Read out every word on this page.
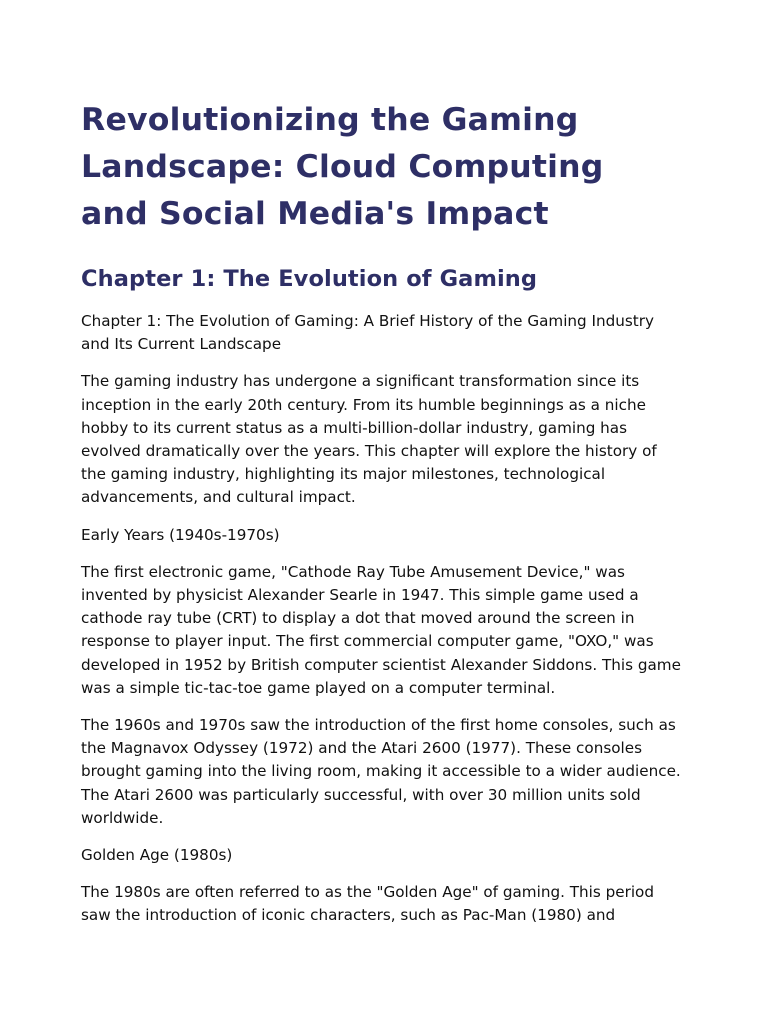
Revolutionizing the Gaming Landscape: Cloud Computing and Social Media's Impact
Chapter 1: The Evolution of Gaming

Chapter 1: The Evolution of Gaming: A Brief History of the Gaming Industry and Its Current Landscape

The gaming industry has undergone a significant transformation since its inception in the early 20th century. From its humble beginnings as a niche hobby to its current status as a multi-billion-dollar industry, gaming has evolved dramatically over the years. This chapter will explore the history of the gaming industry, highlighting its major milestones, technological advancements, and cultural impact.

Early Years (1940s-1970s)

The first electronic game, "Cathode Ray Tube Amusement Device," was invented by physicist Alexander Searle in 1947. This simple game used a cathode ray tube (CRT) to display a dot that moved around the screen in response to player input. The first commercial computer game, "OXO," was developed in 1952 by British computer scientist Alexander Siddons. This game was a simple tic-tac-toe game played on a computer terminal.

The 1960s and 1970s saw the introduction of the first home consoles, such as the Magnavox Odyssey (1972) and the Atari 2600 (1977). These consoles brought gaming into the living room, making it accessible to a wider audience. The Atari 2600 was particularly successful, with over 30 million units sold worldwide.

Golden Age (1980s)

The 1980s are often referred to as the "Golden Age" of gaming. This period saw the introduction of iconic characters, such as Pac-Man (1980) and
